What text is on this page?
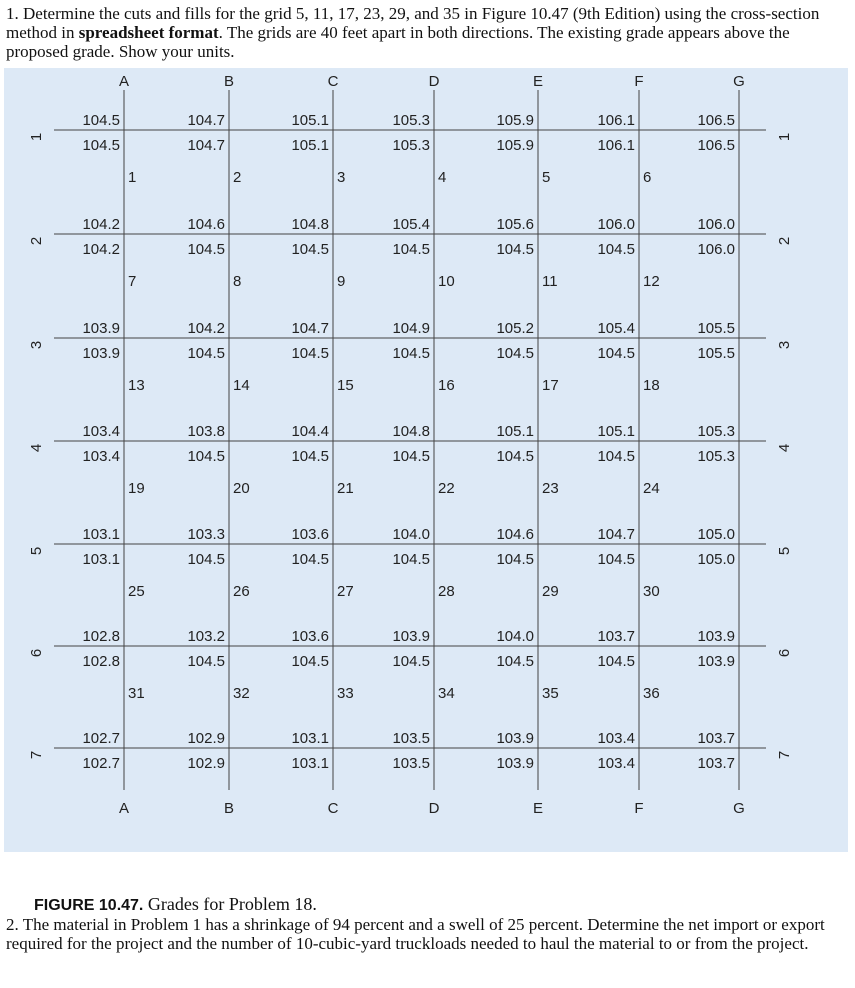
1. Determine the cuts and fills for the grid 5, 11, 17, 23, 29, and 35 in Figure 10.47 (9th Edition) using the cross-section method in spreadsheet format. The grids are 40 feet apart in both directions. The existing grade appears above the proposed grade. Show your units.
A
A
B
B
C
C
D
D
E
E
F
F
G
G
1	1
2	2
3	3
4	4
5	5
6	6
7	7
104.5	104.7	105.1	105.3	105.9	106.1	106.5
104.2	104.6	104.8	105.4	105.6	106.0	106.0
103.9	104.2	104.7	104.9	105.2	105.4	105.5
103.4	103.8	104.4	104.8	105.1	105.1	105.3
103.1	103.3	103.6	104.0	104.6	104.7	105.0
102.8	103.2	103.6	103.9	104.0	103.7	103.9
102.7	102.9	103.1	103.5	103.9	103.4	103.7
104.5	104.7	105.1	105.3	105.9	106.1	106.5
104.2	104.5	104.5	104.5	104.5	104.5	106.0
103.9	104.5	104.5	104.5	104.5	104.5	105.5
103.4	104.5	104.5	104.5	104.5	104.5	105.3
103.1	104.5	104.5	104.5	104.5	104.5	105.0
102.8	104.5	104.5	104.5	104.5	104.5	103.9
102.7	102.9	103.1	103.5	103.9	103.4	103.7
1	2	3	4	5	6
7	8	9	10	11	12
13	14	15	16	17	18
19	20	21	22	23	24
25	26	27	28	29	30
31	32	33	34	35	36
FIGURE 10.47. Grades for Problem 18.
2. The material in Problem 1 has a shrinkage of 94 percent and a swell of 25 percent. Determine the net import or export required for the project and the number of 10-cubic-yard truckloads needed to haul the material to or from the project.
